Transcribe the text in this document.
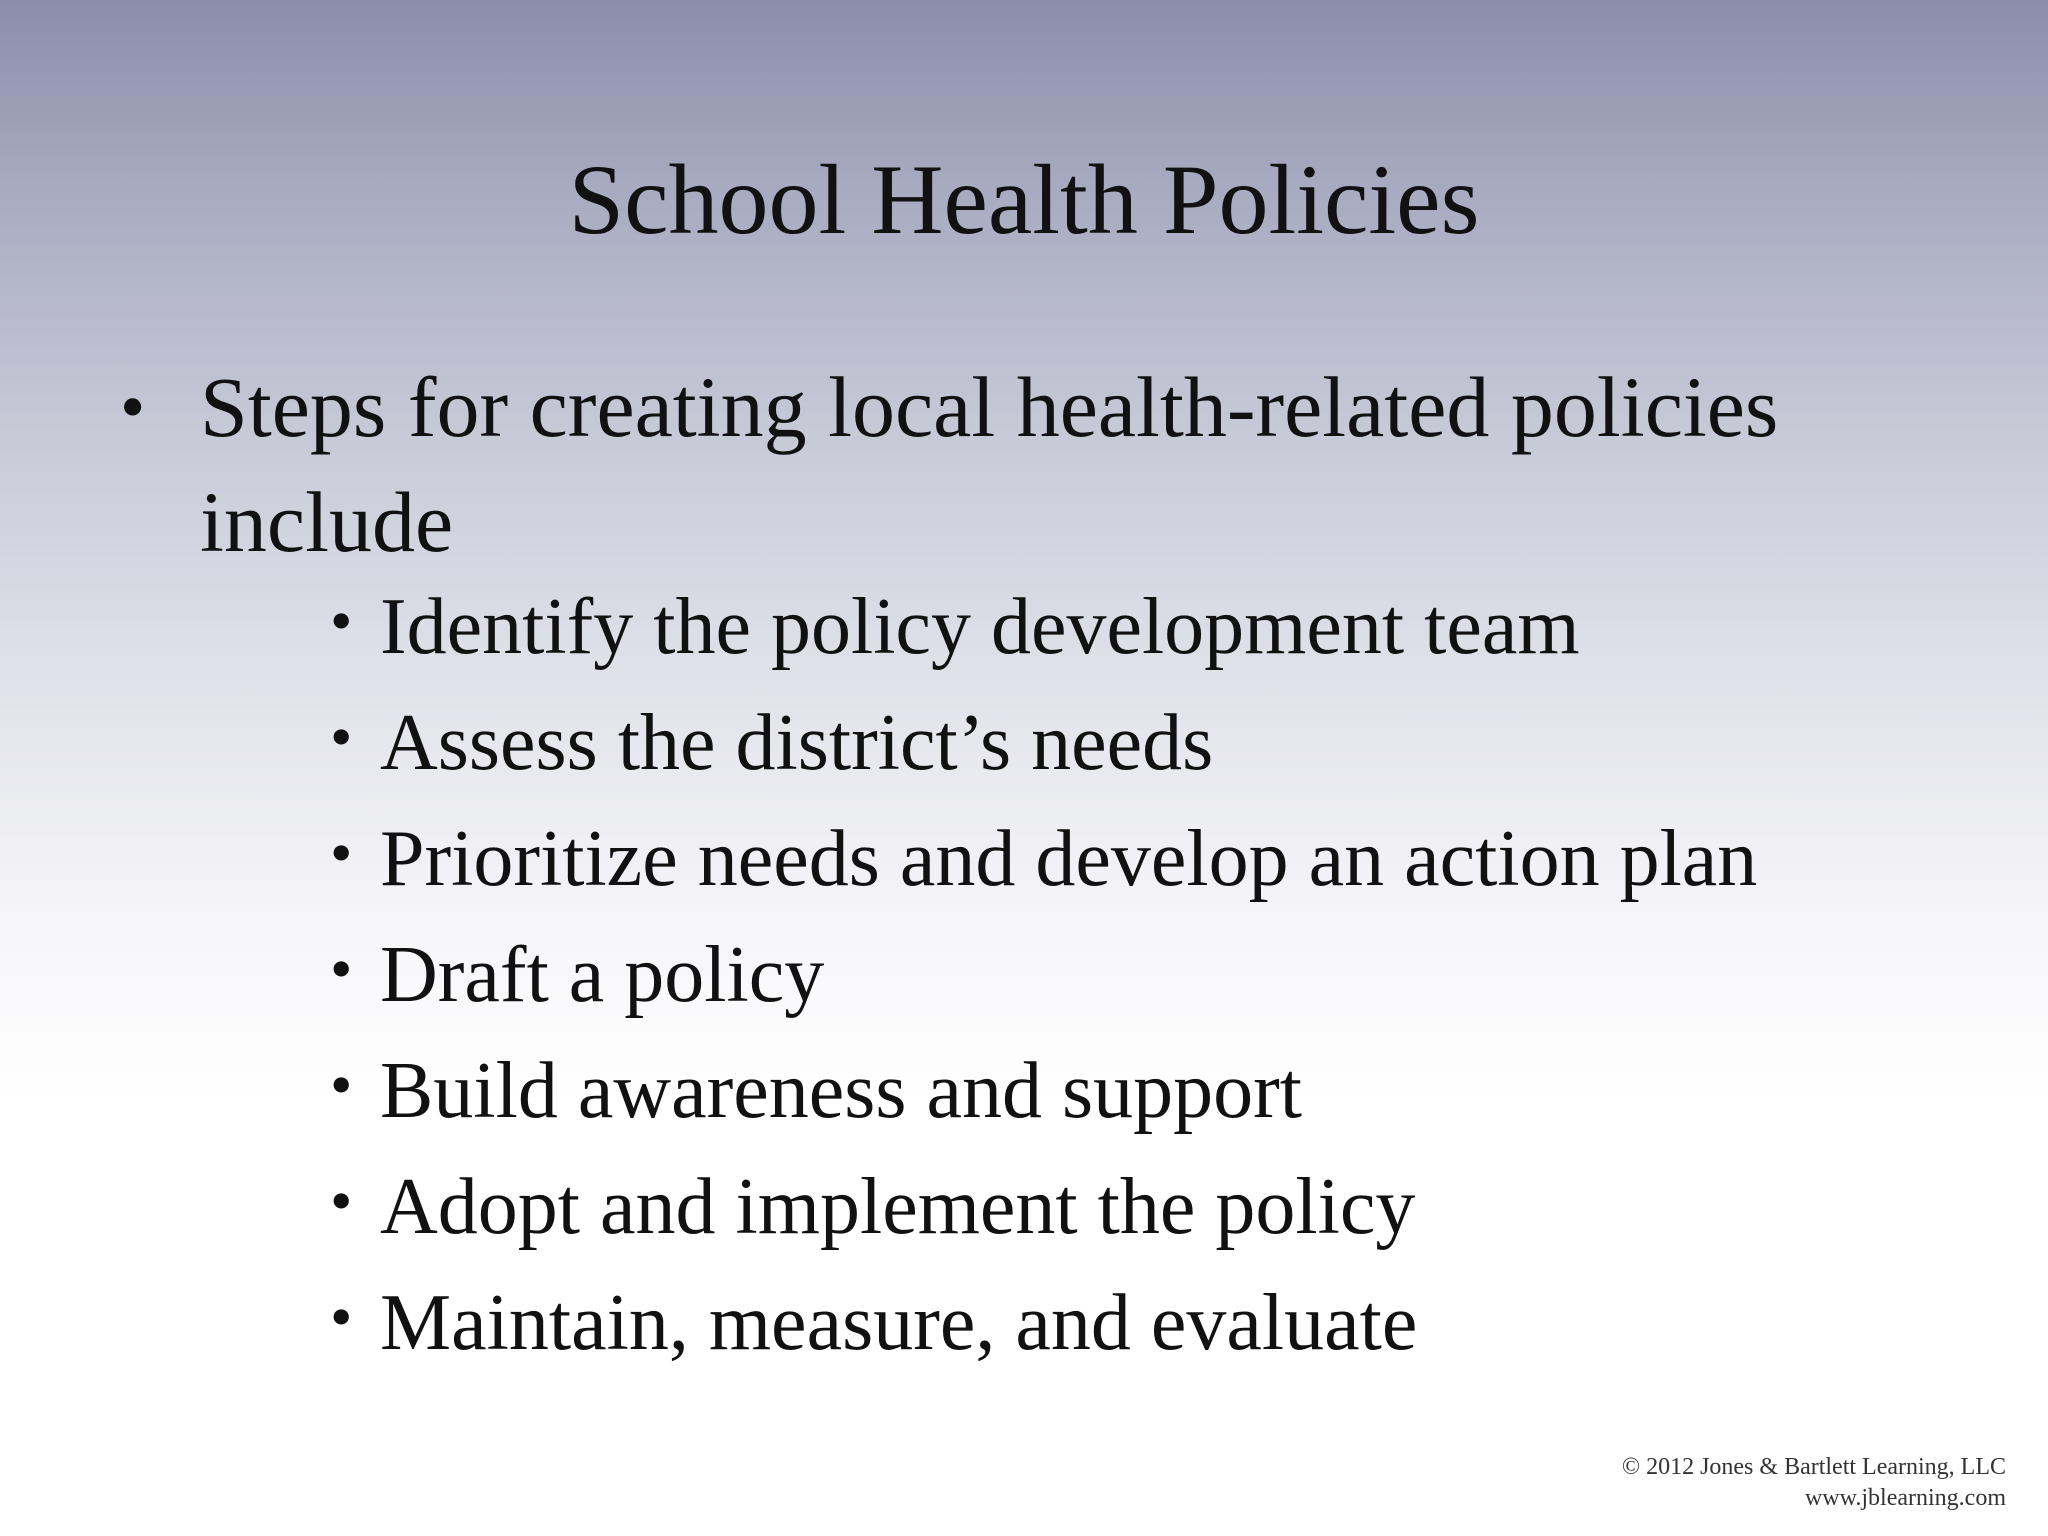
School Health Policies
• Steps for creating local health-related policies include
• Identify the policy development team
• Assess the district’s needs
• Prioritize needs and develop an action plan
• Draft a policy
• Build awareness and support
• Adopt and implement the policy
• Maintain, measure, and evaluate
© 2012 Jones & Bartlett Learning, LLC
www.jblearning.com
